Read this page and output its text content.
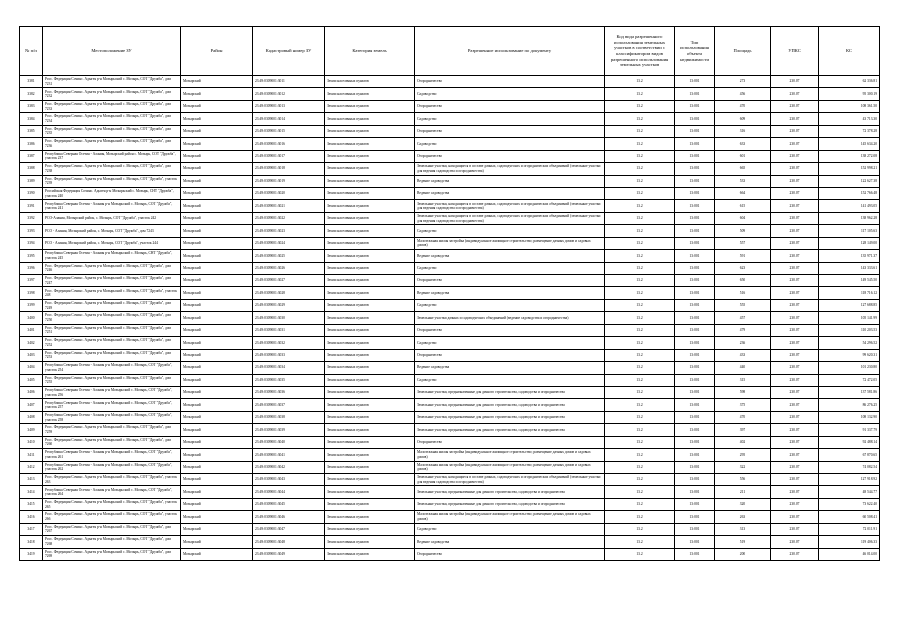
№ п/п	Местоположение ЗУ	Район	Кадастровый номер ЗУ	Категория земель	Разрешенное использование по документу	Код вида разрешенного использования земельных участков в соответствии с классификатором видов разрешенного использования земельных участков	Тип использования объекта недвижимости	Площадь	УПКС	КС
3381	Росс. Федерация Сочинс. Адыгея р-н Мозырьский с. Мозырь, СОТ "Дружба", дом 7231	Мозырский	23:49:0309001:3011	Земли населенных пунктов	Огородничество	13.2	13:001	273	230.07	62 336.81
3382	Росс. Федерация Сочинс. Адыгея р-н Мозырьский с. Мозырь, СОТ "Дружба", дом 7232	Мозырский	23:49:0309001:3012	Земли населенных пунктов	Садоводство	13.2	13:001	456	230.07	95 300.19
3383	Росс. Федерация Сочинс. Адыгея р-н Мозырьский с. Мозырь, СОТ "Дружба", дом 7233	Мозырский	23:49:0309001:3013	Земли населенных пунктов	Огородничество	13.2	13:001	470	230.07	108 361.50
3384	Росс. Федерация Сочинс. Адыгея р-н Мозырьский с. Мозырь, СОТ "Дружба", дом 7234	Мозырский	23:49:0309001:3014	Земли населенных пунктов	Садоводство	13.2	13:001	609	230.07	43 713.30
3385	Росс. Федерация Сочинс. Адыгея р-н Мозырьский с. Мозырь, СОТ "Дружба", дом 7235	Мозырский	23:49:0309001:3015	Земли населенных пунктов	Огородничество	13.2	13:001	316	230.07	72 378.28
3386	Росс. Федерация Сочинс. Адыгея р-н Мозырьский с. Мозырь, СОТ "Дружба", дом 7236	Мозырский	23:49:0309001:3016	Земли населенных пунктов	Садоводство	13.2	13:001	633	230.07	145 634.20
3387	Республика Северная Осетия - Алания, Мозырский район с. Мозырь, СОТ "Дружба", участок 237	Мозырский	23:49:0309001:3017	Земли населенных пунктов	Огородничество	13.2	13:001	601	230.07	138 272.08
3388	Росс. Федерация Сочинс. Адыгея р-н Мозырьский с. Мозырь, СОТ "Дружба", дом 7238	Мозырский	23:49:0309001:3018	Земли населенных пунктов	Земельные участки, находящиеся в составе дачных, садоводческих и огороднических объединений (земельные участки для ведения садоводства и огородничества)	13.2	13:001	665	230.07	152 998.21
3389	Росс. Федерация Сочинс. Адыгея р-н Мозырьский с. Мозырь, СОТ "Дружба", участок 7239	Мозырский	23:49:0309001:3019	Земли населенных пунктов	Ведение садоводства	13.2	13:001	533	230.07	122 627.38
3390	Российская Федерация Сочинс. Адыгея р-н Мозырьский с. Мозырь, СНТ "Дружба", участок 240	Мозырский	23:49:0309001:3020	Земли населенных пунктов	Ведение садоводства	13.2	13:001	664	230.07	152 766.48
3391	Республика Северная Осетия - Алания р-н Мозырьский с. Мозырь, СОТ "Дружба", участок 241	Мозырский	23:49:0309001:3021	Земли населенных пунктов	Земельные участки, находящиеся в составе дачных, садоводческих и огороднических объединений (земельные участки для ведения садоводства и огородничества)	13.2	13:001	615	230.07	141 493.05
3392	РСО-Алания, Мозырский район, с. Мозырь, СОТ "Дружба", участок 242	Мозырский	23:49:0309001:3022	Земли населенных пунктов	Земельные участки, находящиеся в составе дачных, садоводческих и огороднических объединений (земельные участки для ведения садоводства и огородничества)	13.2	13:001	604	230.07	138 962.28
3393	РСО - Алания, Мозырский район, с. Мозырь, СОТ "Дружба", дом 7243	Мозырский	23:49:0309001:3023	Земли населенных пунктов	Садоводство	13.2	13:001	509	230.07	117 105.63
3394	РСО - Алания, Мозырский район, с. Мозырь, СОТ "Дружба", участок 244	Мозырский	23:49:0309001:3024	Земли населенных пунктов	Малоэтажная жилая застройка (индивидуальное жилищное строительство; размещение дачных домов и садовых домов)	13.2	13:001	557	230.07	128 149.00
3395	Республика Северная Осетия - Алания р-н Мозырьский с. Мозырь, СНТ "Дружба", участок 245	Мозырский	23:49:0309001:3025	Земли населенных пунктов	Ведение садоводства	13.2	13:001	591	230.07	135 971.37
3396	Росс. Федерация Сочинс. Адыгея р-н Мозырьский с. Мозырь, СОТ "Дружба", дом 7246	Мозырский	23:49:0309001:3026	Земли населенных пунктов	Садоводство	13.2	13:001	623	230.07	143 333.61
3397	Росс. Федерация Сочинс. Адыгея р-н Мозырьский с. Мозырь, СОТ "Дружба", дом 7247	Мозырский	23:49:0309001:3027	Земли населенных пунктов	Огородничество	13.2	13:001	650	230.07	149 545.50
3398	Росс. Федерация Сочинс. Адыгея р-н Мозырьский с. Мозырь, СОТ "Дружба", участок 248	Мозырский	23:49:0309001:3028	Земли населенных пунктов	Ведение садоводства	13.2	13:001	516	230.07	118 716.12
3399	Росс. Федерация Сочинс. Адыгея р-н Мозырьский с. Мозырь, СОТ "Дружба", дом 7249	Мозырский	23:49:0309001:3029	Земли населенных пунктов	Садоводство	13.2	13:001	555	230.07	127 688.85
3400	Росс. Федерация Сочинс. Адыгея р-н Мозырьский с. Мозырь, СОТ "Дружба", дом 7250	Мозырский	23:49:0309001:3030	Земли населенных пунктов	Земельные участки дачных и садоводческих объединений (ведение садоводства и огородничества)	13.2	13:001	457	230.07	105 141.99
3401	Росс. Федерация Сочинс. Адыгея р-н Мозырьский с. Мозырь, СОТ "Дружба", дом 7251	Мозырский	23:49:0309001:3031	Земли населенных пунктов	Огородничество	13.2	13:001	479	230.07	110 203.53
3402	Росс. Федерация Сочинс. Адыгея р-н Мозырьский с. Мозырь, СОТ "Дружба", дом 7252	Мозырский	23:49:0309001:3032	Земли населенных пунктов	Садоводство	13.2	13:001	236	230.07	54 296.52
3403	Росс. Федерация Сочинс. Адыгея р-н Мозырьский с. Мозырь, СОТ "Дружба", дом 7253	Мозырский	23:49:0309001:3033	Земли населенных пунктов	Огородничество	13.2	13:001	433	230.07	99 620.31
3404	Республика Северная Осетия - Алания р-н Мозырьский с. Мозырь, СОТ "Дружба", участок 254	Мозырский	23:49:0309001:3034	Земли населенных пунктов	Ведение садоводства	13.2	13:001	440	230.07	101 230.80
3405	Росс. Федерация Сочинс. Адыгея р-н Мозырьский с. Мозырь, СОТ "Дружба", дом 7255	Мозырский	23:49:0309001:3035	Земли населенных пунктов	Садоводство	13.2	13:001	315	230.07	72 472.05
3406	Республика Северная Осетия - Алания р-н Мозырьский с. Мозырь, СОТ "Дружба", участок 256	Мозырский	23:49:0309001:3036	Земли населенных пунктов	Земельные участки, предназначенные для дачного строительства, садоводства и огородничества	13.2	13:001	598	230.07	137 581.86
3407	Республика Северная Осетия - Алания р-н Мозырьский с. Мозырь, СОТ "Дружба", участок 257	Мозырский	23:49:0309001:3037	Земли населенных пунктов	Земельные участки, предназначенные для дачного строительства, садоводства и огородничества	13.2	13:001	375	230.07	86 276.25
3408	Республика Северная Осетия - Алания р-н Мозырьский с. Мозырь, СОТ "Дружба", участок 258	Mозырский	23:49:0309001:3038	Земли населенных пунктов	Земельные участки, предназначенные для дачного строительства, садоводства и огородничества	13.2	13:001	470	230.07	108 132.90
3409	Росс. Федерация Сочинс. Адыгея р-н Мозырьский с. Мозырь, СОТ "Дружба", дом 7259	Мозырский	23:49:0309001:3039	Земли населенных пунктов	Земельные участки, предназначенные для дачного строительства, садоводства и огородничества	13.2	13:001	397	230.07	91 337.79
3410	Росс. Федерация Сочинс. Адыгея р-н Мозырьский с. Мозырь, СОТ "Дружба", дом 7260	Мозырский	23:49:0309001:3040	Земли населенных пунктов	Огородничество	13.2	13:001	402	230.07	92 488.14
3411	Республика Северная Осетия - Алания р-н Мозырьский с. Мозырь, СОТ "Дружба", участок 261	Мозырский	23:49:0309001:3041	Земли населенных пунктов	Малоэтажная жилая застройка (индивидуальное жилищное строительство; размещение дачных домов и садовых домов)	13.2	13:001	295	230.07	67 870.65
3412	Республика Северная Осетия - Алания р-н Мозырьский с. Мозырь, СОТ "Дружба", участок 262	Мозырский	23:49:0309001:3042	Земли населенных пунктов	Малоэтажная жилая застройка (индивидуальное жилищное строительство; размещение дачных домов и садовых домов)	13.2	13:001	322	230.07	74 082.54
3413	Росс. Федерация Сочинс. Адыгея р-н Мозырьский с. Мозырь, СОТ "Дружба", участок 263	Мозырский	23:49:0309001:3043	Земли населенных пунктов	Земельные участки, находящиеся в составе дачных, садоводческих и огороднических объединений (земельные участки для ведения садоводства и огородничества)	13.2	13:001	556	230.07	127 918.92
3414	Республика Северная Осетия - Алания р-н Мозырьский с. Мозырь, СОТ "Дружба", участок 264	Мозырский	23:49:0309001:3044	Земли населенных пунктов	Земельные участки, предназначенные для дачного строительства, садоводства и огородничества	13.2	13:001	211	230.07	48 544.77
3415	Росс. Федерация Сочинс. Адыгея р-н Мозырьский с. Мозырь, СОТ "Дружба", участок 265	Мозырский	23:49:0309001:3045	Земли населенных пунктов	Земельные участки, предназначенные для дачного строительства, садоводства и огородничества	13.2	13:001	320	230.07	73 622.40
3416	Росс. Федерация Сочинс. Адыгея р-н Мозырьский с. Мозырь, СОТ "Дружба", участок 266	Мозырский	23:49:0309001:3046	Земли населенных пунктов	Малоэтажная жилая застройка (индивидуальное жилищное строительство; размещение дачных домов и садовых домов)	13.2	13:001	263	230.07	60 508.41
3417	Росс. Федерация Сочинс. Адыгея р-н Мозырьский с. Мозырь, СОТ "Дружба", дом 7267	Мозырский	23:49:0309001:3047	Земли населенных пунктов	Садоводство	13.2	13:001	313	230.07	72 011.91
3418	Росс. Федерация Сочинс. Адыгея р-н Мозырьский с. Мозырь, СОТ "Дружба", дом 7268	Мозырский	23:49:0309001:3048	Земли населенных пунктов	Ведение садоводства	13.2	13:001	519	230.07	119 406.33
3419	Росс. Федерация Сочинс. Адыгея р-н Мозырьский с. Мозырь, СОТ "Дружба", дом 7269	Мозырский	23:49:0309001:3049	Земли населенных пунктов	Огородничество	13.2	13:001	200	230.07	46 014.00
